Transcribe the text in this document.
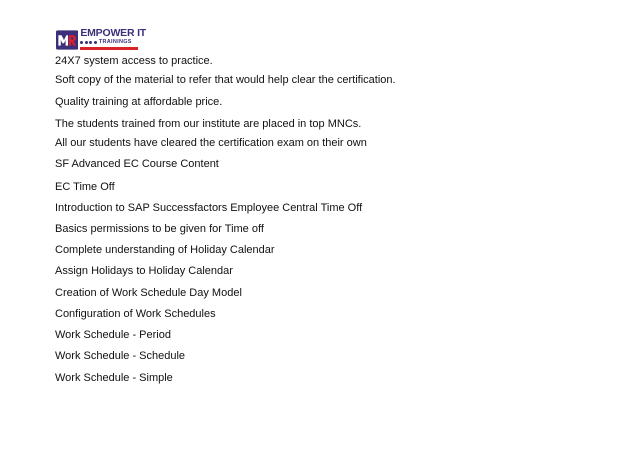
EMPOWER IT
TRAININGS
24X7 system access to practice.
Soft copy of the material to refer that would help clear the certification.
Quality training at affordable price.
The students trained from our institute are placed in top MNCs.
All our students have cleared the certification exam on their own
SF Advanced EC Course Content
EC Time Off
Introduction to SAP Successfactors Employee Central Time Off
Basics permissions to be given for Time off
Complete understanding of Holiday Calendar
Assign Holidays to Holiday Calendar
Creation of Work Schedule Day Model
Configuration of Work Schedules
Work Schedule - Period
Work Schedule - Schedule
Work Schedule - Simple
